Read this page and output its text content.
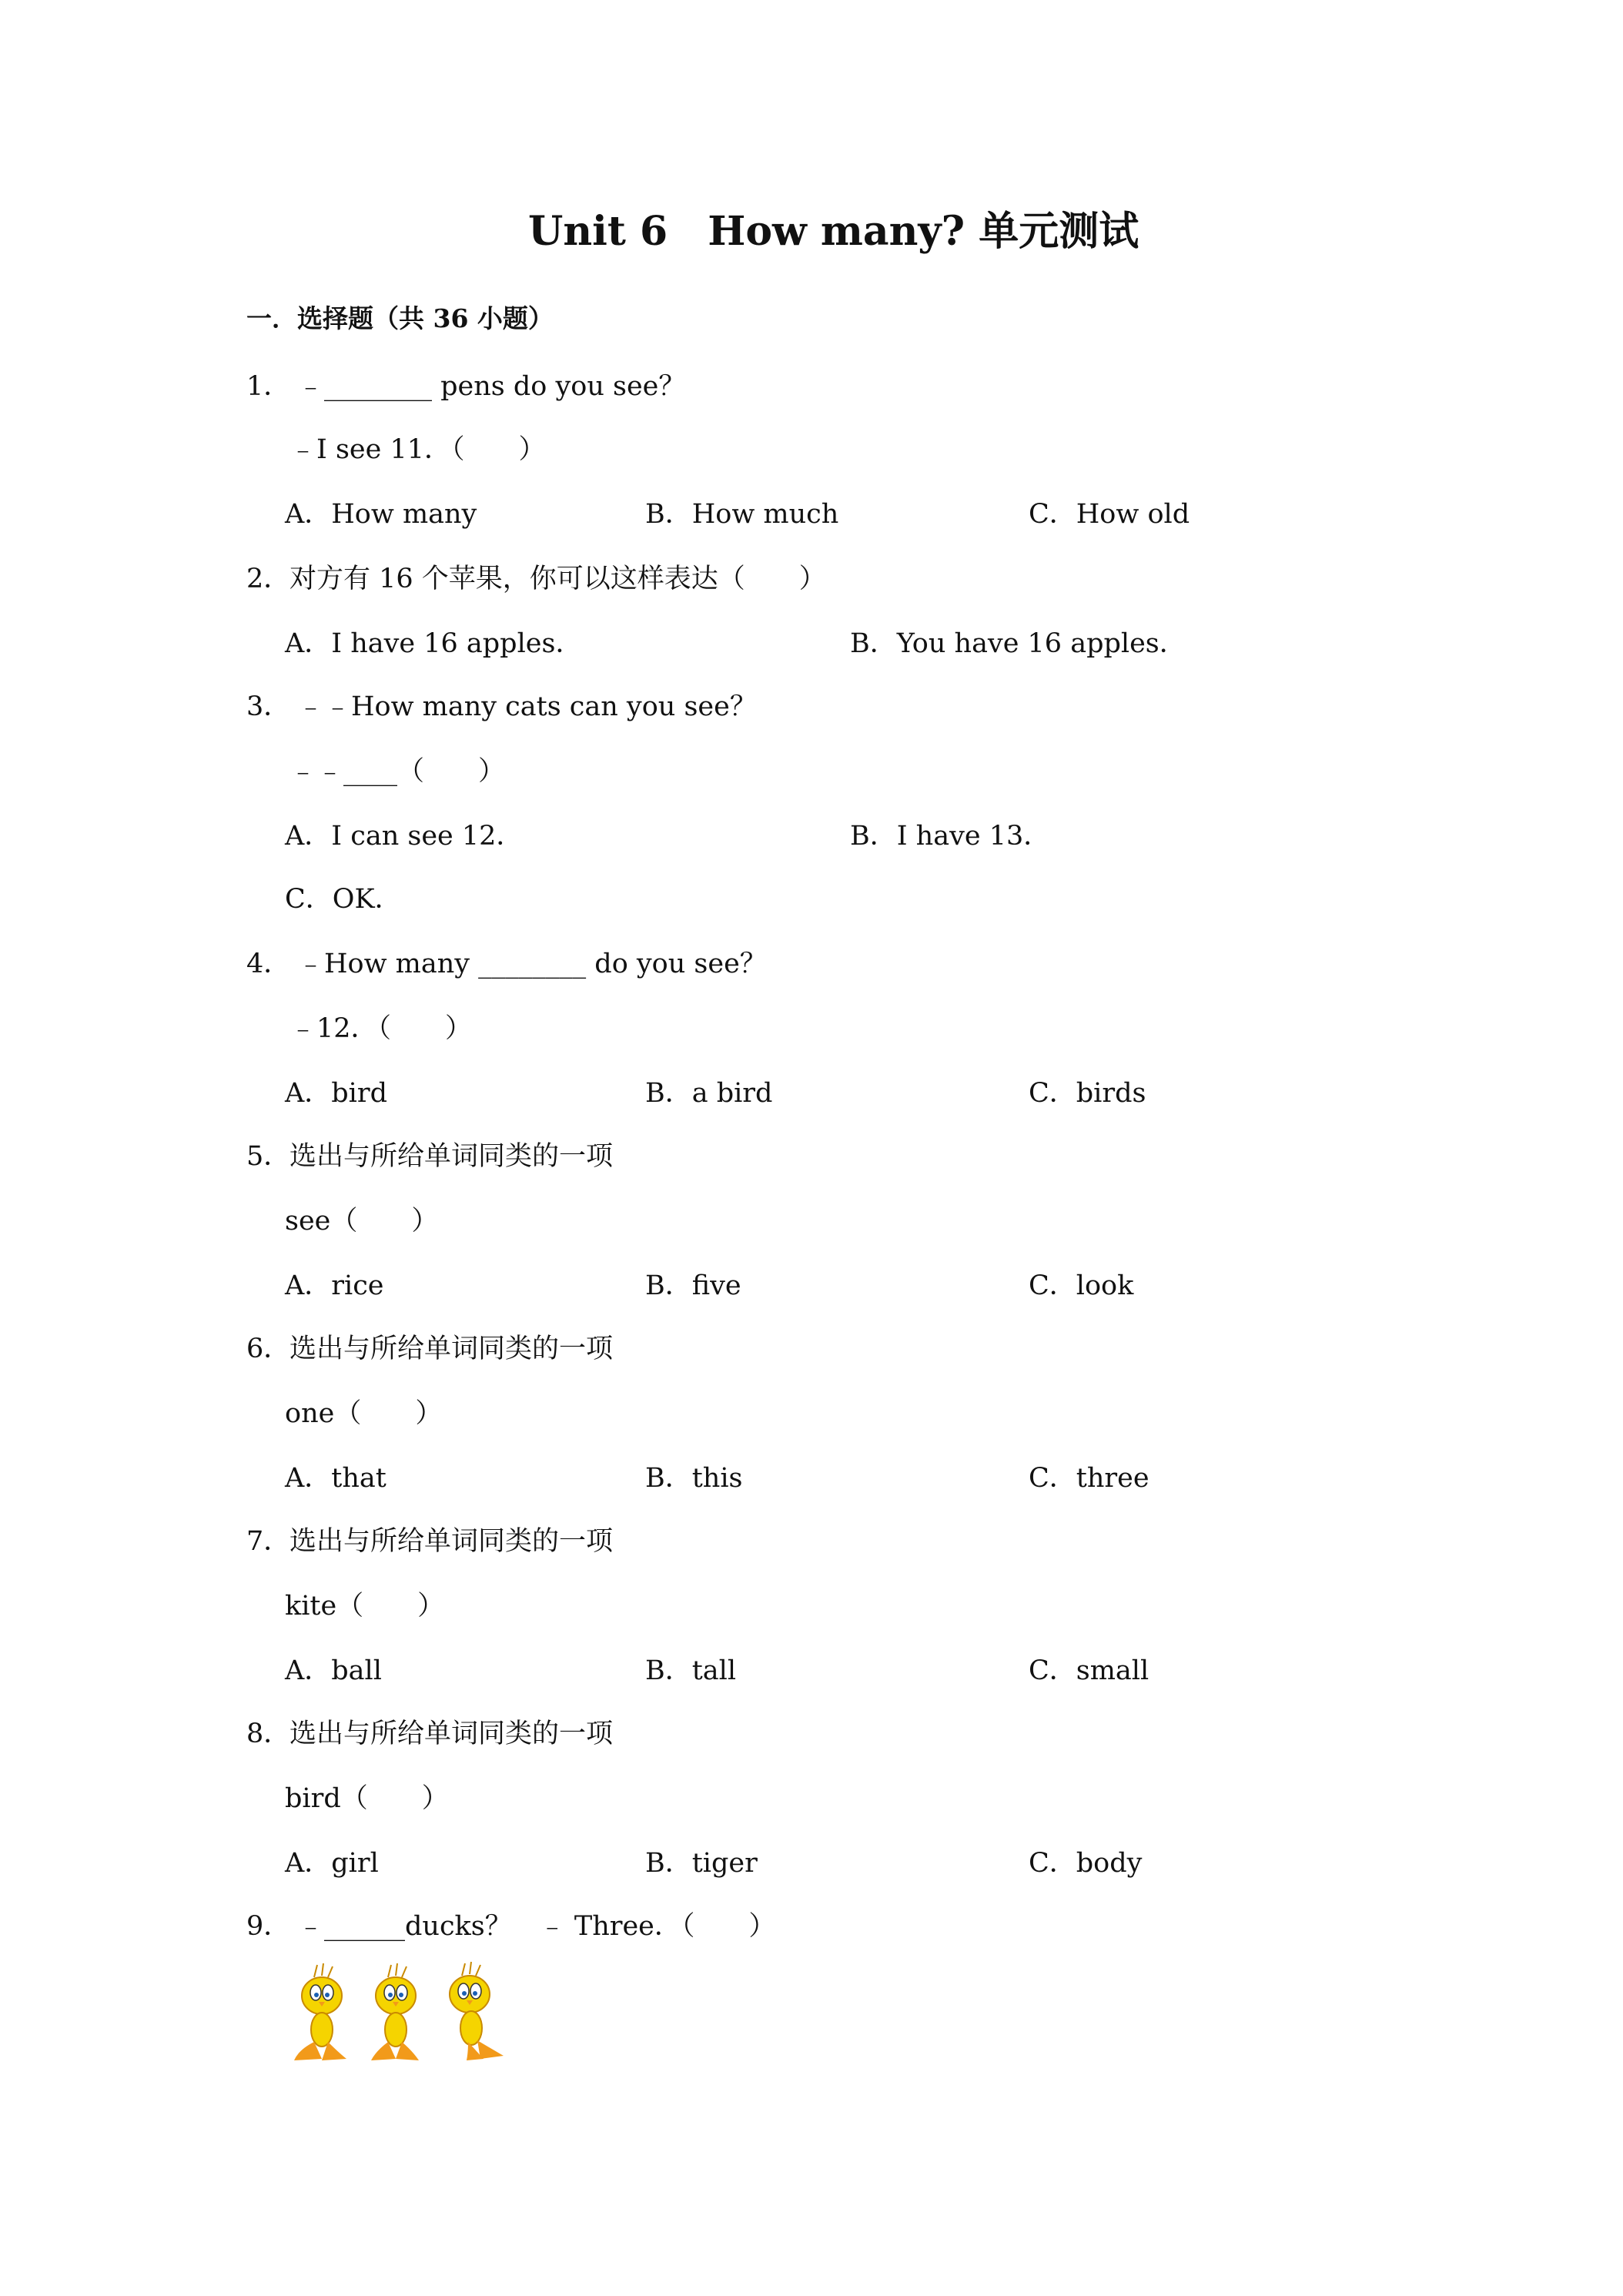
Unit 6　How many? 单元测试
一．选择题（共 36 小题）
1． ﹣________ pens do you see？
﹣I see 11．（　　）
A．How many	B．How much	C．How old
2．
对方有 16 个苹果，你可以这样表达（　　）
A．I have 16 apples．	B．You have 16 apples．
3． ﹣﹣How many cats can you see？
﹣﹣____（　　）
A．I can see 12．	B．I have 13．
C．OK．
4． ﹣How many ________ do you see？
﹣12．（　　）
A．bird	B．a bird	C．birds
5．
选出与所给单词同类的一项
see（　　）
A．rice	B．five	C．look
6．
选出与所给单词同类的一项
one（　　）
A．that	B．this	C．three
7．
选出与所给单词同类的一项
kite（　　）
A．ball	B．tall	C．small
8．
选出与所给单词同类的一项
bird（　　）
A．girl	B．tiger	C．body
9． ﹣______ducks？　﹣ Three．（　　）
